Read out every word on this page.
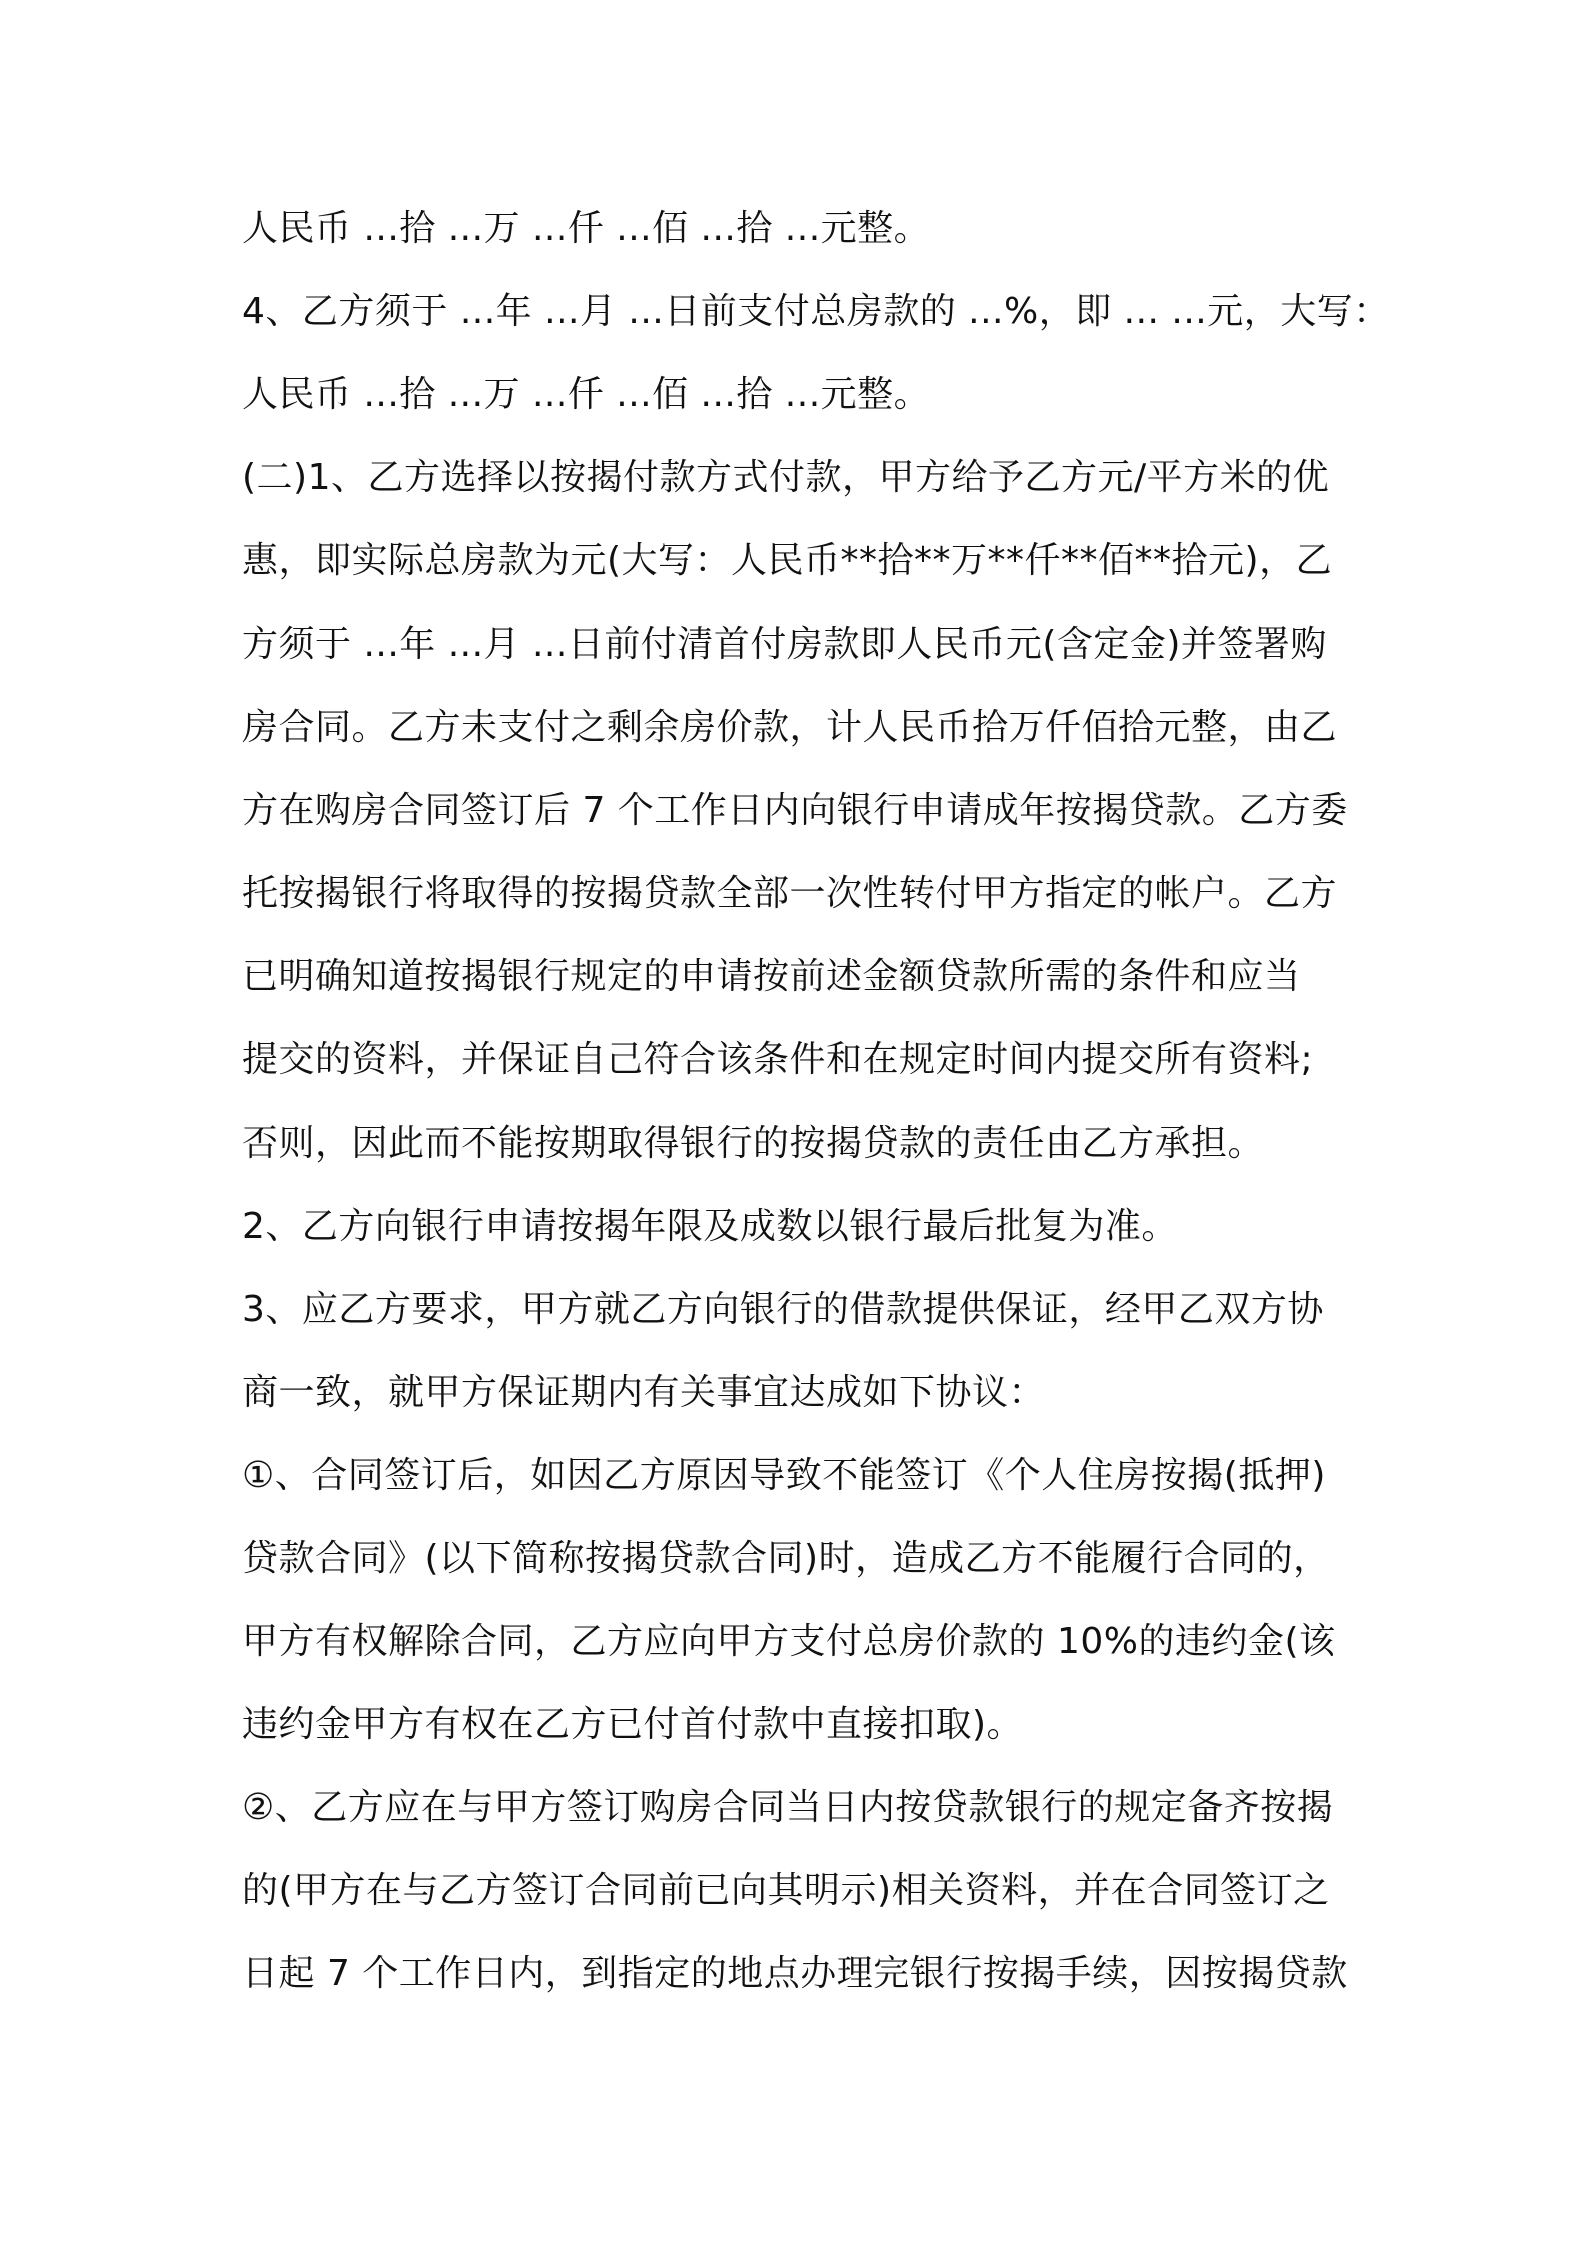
人民币 ...拾 ...万 ...仟 ...佰 ...拾 ...元整。
4、乙方须于 ...年 ...月 ...日前支付总房款的 ...%，即 ... ...元，大写：
人民币 ...拾 ...万 ...仟 ...佰 ...拾 ...元整。
(二)1、乙方选择以按揭付款方式付款，甲方给予乙方元/平方米的优
惠，即实际总房款为元(大写：人民币**拾**万**仟**佰**拾元)，乙
方须于 ...年 ...月 ...日前付清首付房款即人民币元(含定金)并签署购
房合同。乙方未支付之剩余房价款，计人民币拾万仟佰拾元整，由乙
方在购房合同签订后 7 个工作日内向银行申请成年按揭贷款。乙方委
托按揭银行将取得的按揭贷款全部一次性转付甲方指定的帐户。乙方
已明确知道按揭银行规定的申请按前述金额贷款所需的条件和应当
提交的资料，并保证自己符合该条件和在规定时间内提交所有资料;
否则，因此而不能按期取得银行的按揭贷款的责任由乙方承担。
2、乙方向银行申请按揭年限及成数以银行最后批复为准。
3、应乙方要求，甲方就乙方向银行的借款提供保证，经甲乙双方协
商一致，就甲方保证期内有关事宜达成如下协议：
①、合同签订后，如因乙方原因导致不能签订《个人住房按揭(抵押)
贷款合同》(以下简称按揭贷款合同)时，造成乙方不能履行合同的，
甲方有权解除合同，乙方应向甲方支付总房价款的 10%的违约金(该
违约金甲方有权在乙方已付首付款中直接扣取)。
②、乙方应在与甲方签订购房合同当日内按贷款银行的规定备齐按揭
的(甲方在与乙方签订合同前已向其明示)相关资料，并在合同签订之
日起 7 个工作日内，到指定的地点办理完银行按揭手续，因按揭贷款
